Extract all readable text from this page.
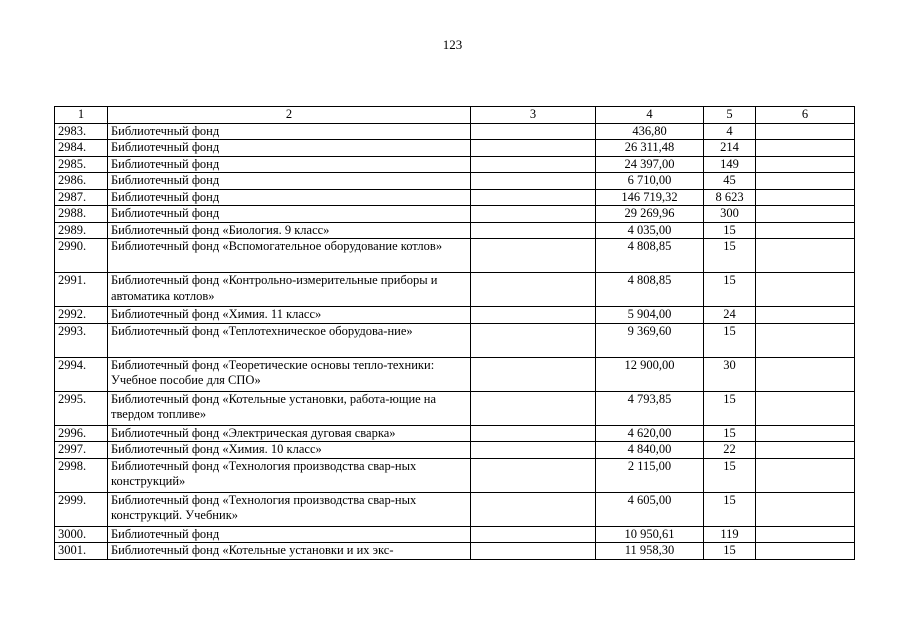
123
1	2	3	4	5	6
2983.	Библиотечный фонд		436,80	4	
2984.	Библиотечный фонд		26 311,48	214	
2985.	Библиотечный фонд		24 397,00	149	
2986.	Библиотечный фонд		6 710,00	45	
2987.	Библиотечный фонд		146 719,32	8 623	
2988.	Библиотечный фонд		29 269,96	300	
2989.	Библиотечный фонд «Биология. 9 класс»		4 035,00	15	
2990.	Библиотечный фонд «Вспомогательное оборудование котлов»		4 808,85	15	
2991.	Библиотечный фонд «Контрольно-измерительные приборы и автоматика котлов»		4 808,85	15	
2992.	Библиотечный фонд «Химия. 11 класс»		5 904,00	24	
2993.	Библиотечный фонд «Теплотехническое оборудова-ние»		9 369,60	15	
2994.	Библиотечный фонд «Теоретические основы тепло-техники: Учебное пособие для СПО»		12 900,00	30	
2995.	Библиотечный фонд «Котельные установки, работа-ющие на твердом топливе»		4 793,85	15	
2996.	Библиотечный фонд «Электрическая дуговая сварка»		4 620,00	15	
2997.	Библиотечный фонд «Химия. 10 класс»		4 840,00	22	
2998.	Библиотечный фонд «Технология производства свар-ных конструкций»		2 115,00	15	
2999.	Библиотечный фонд «Технология производства свар-ных конструкций. Учебник»		4 605,00	15	
3000.	Библиотечный фонд		10 950,61	119	
3001.	Библиотечный фонд «Котельные установки и их экс-		11 958,30	15	
